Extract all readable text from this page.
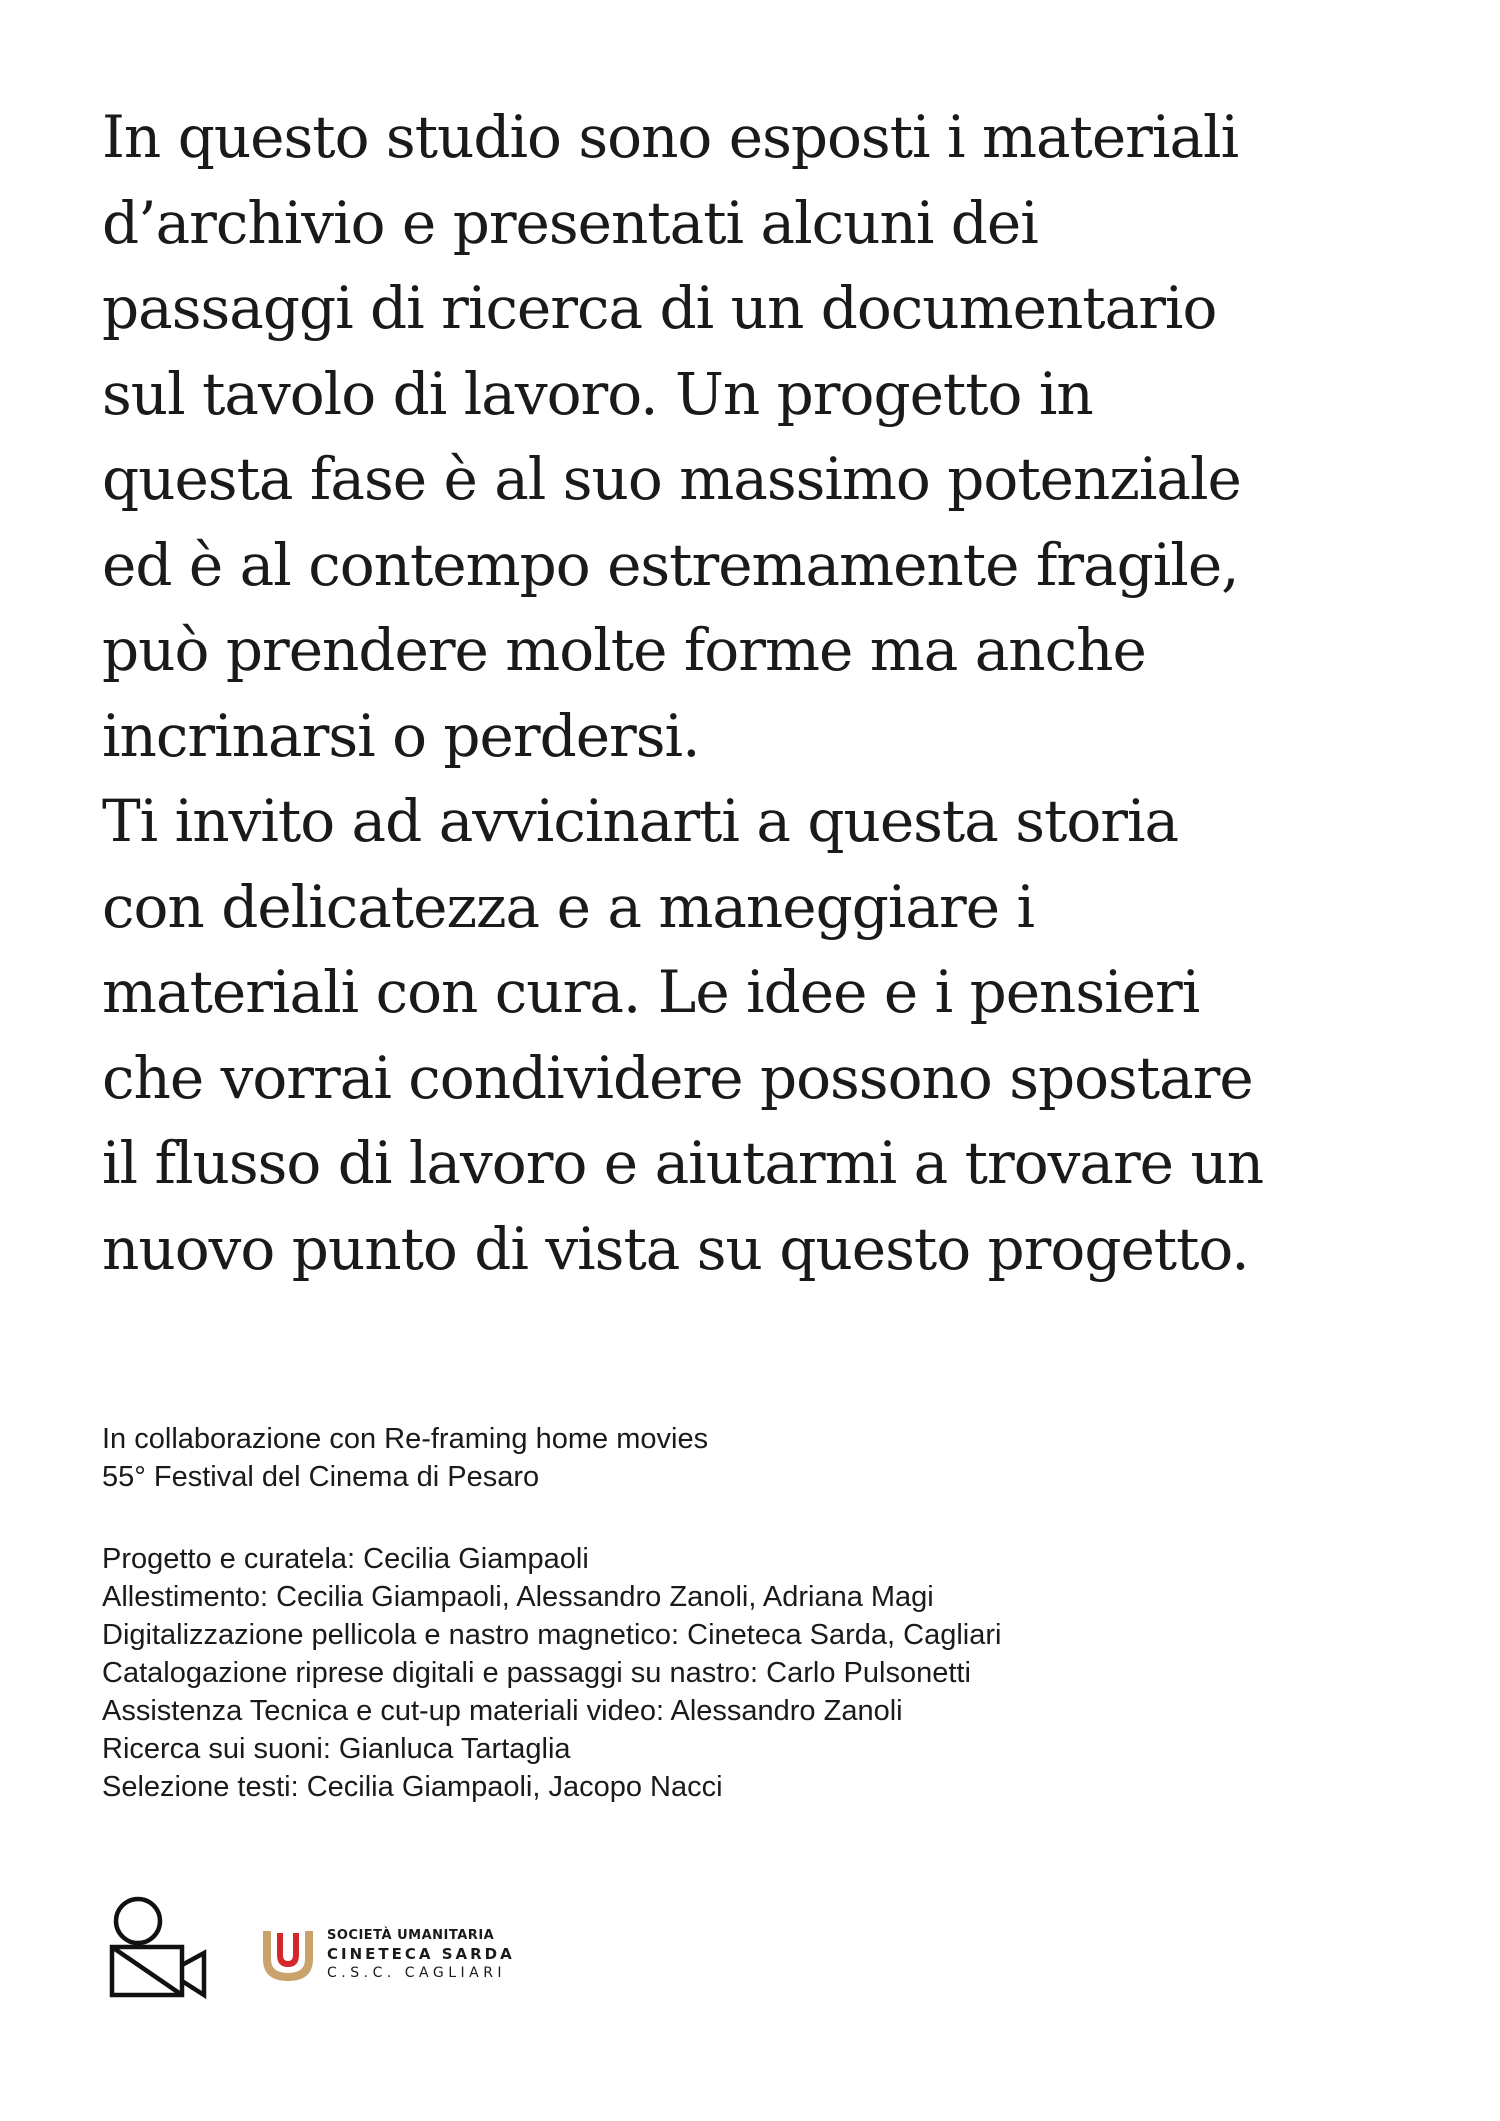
In questo studio sono esposti i materiali
d’archivio e presentati alcuni dei
passaggi di ricerca di un documentario
sul tavolo di lavoro. Un progetto in
questa fase è al suo massimo potenziale
ed è al contempo estremamente fragile,
può prendere molte forme ma anche
incrinarsi o perdersi.
Ti invito ad avvicinarti a questa storia
con delicatezza e a maneggiare i
materiali con cura. Le idee e i pensieri
che vorrai condividere possono spostare
il flusso di lavoro e aiutarmi a trovare un
nuovo punto di vista su questo progetto.
In collaborazione con Re-framing home movies
55° Festival del Cinema di Pesaro
Progetto e curatela: Cecilia Giampaoli
Allestimento: Cecilia Giampaoli, Alessandro Zanoli, Adriana Magi
Digitalizzazione pellicola e nastro magnetico: Cineteca Sarda, Cagliari
Catalogazione riprese digitali e passaggi su nastro: Carlo Pulsonetti
Assistenza Tecnica e cut-up materiali video: Alessandro Zanoli
Ricerca sui suoni: Gianluca Tartaglia
Selezione testi: Cecilia Giampaoli, Jacopo Nacci
SOCIETÀ UMANITARIA
CINETECA SARDA
C.S.C. CAGLIARI
